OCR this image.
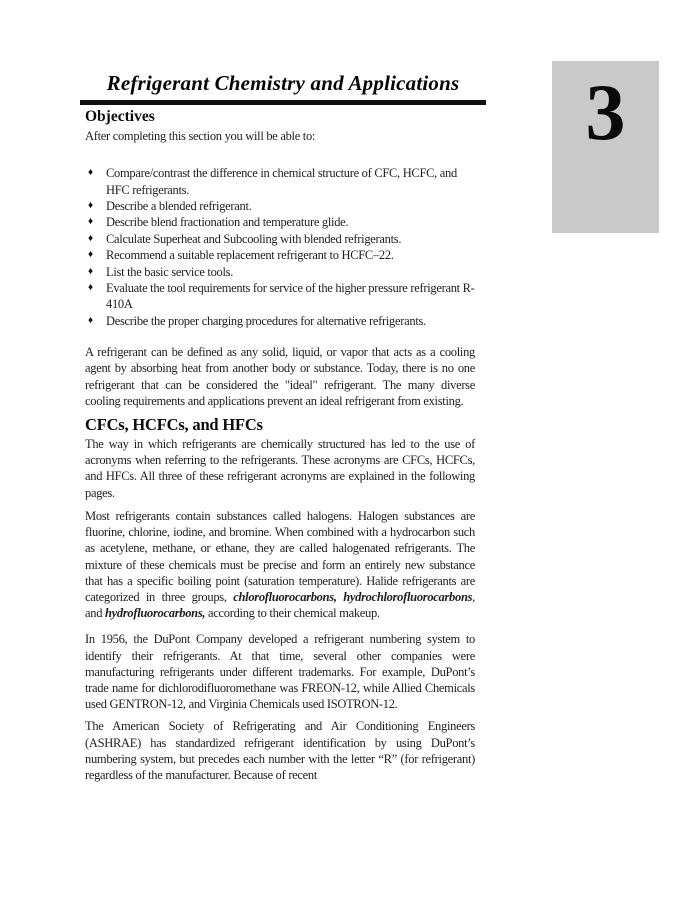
3
Refrigerant Chemistry and Applications
Objectives

After completing this section you will be able to:

♦	Compare/contrast the difference in chemical structure of CFC, HCFC, and HFC refrigerants.
♦	Describe a blended refrigerant.
♦	Describe blend fractionation and temperature glide.
♦	Calculate Superheat and Subcooling with blended refrigerants.
♦	Recommend a suitable replacement refrigerant to HCFC–22.
♦	List the basic service tools.
♦	Evaluate the tool requirements for service of the higher pressure refrigerant R-410A
♦	Describe the proper charging procedures for alternative refrigerants.

A refrigerant can be defined as any solid, liquid, or vapor that acts as a cooling agent by absorbing heat from another body or substance. Today, there is no one refrigerant that can be considered the "ideal" refrigerant. The many diverse cooling requirements and applications prevent an ideal refrigerant from existing.

CFCs, HCFCs, and HFCs

The way in which refrigerants are chemically structured has led to the use of acronyms when referring to the refrigerants. These acronyms are CFCs, HCFCs, and HFCs. All three of these refrigerant acronyms are explained in the following pages.

Most refrigerants contain substances called halogens. Halogen substances are fluorine, chlorine, iodine, and bromine. When combined with a hydrocarbon such as acetylene, methane, or ethane, they are called halogenated refrigerants. The mixture of these chemicals must be precise and form an entirely new substance that has a specific boiling point (saturation temperature). Halide refrigerants are categorized in three groups, chlorofluorocarbons, hydrochlorofluorocarbons, and hydrofluorocarbons, according to their chemical makeup.

In 1956, the DuPont Company developed a refrigerant numbering system to identify their refrigerants. At that time, several other companies were manufacturing refrigerants under different trademarks. For example, DuPont’s trade name for dichlorodifluoromethane was FREON-12, while Allied Chemicals used GENTRON-12, and Virginia Chemicals used ISOTRON-12.

The American Society of Refrigerating and Air Conditioning Engineers (ASHRAE) has standardized refrigerant identification by using DuPont’s numbering system, but precedes each number with the letter “R” (for refrigerant) regardless of the manufacturer. Because of recent
